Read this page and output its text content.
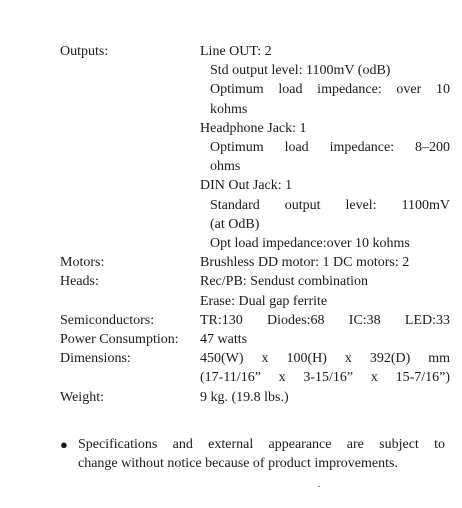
Outputs:	Line OUT: 2
Std output level: 1100mV (odB)
Optimum load impedance: over 10
kohms
Headphone Jack: 1
Optimum load impedance: 8–200
ohms
DIN Out Jack: 1
Standard output level: 1100mV
(at OdB)
Opt load impedance:over 10 kohms
Motors:	Brushless DD motor: 1 DC motors: 2
Heads:	Rec/PB: Sendust combination
Erase: Dual gap ferrite
Semiconductors:	TR:130 Diodes:68 IC:38 LED:33
Power Consumption:	47 watts
Dimensions:	450(W) x 100(H) x 392(D) mm
(17-11/16” x 3-15/16” x 15-7/16”)
Weight:	9 kg. (19.8 lbs.)
● Specifications and external appearance are subject to
change without notice because of product improvements.
